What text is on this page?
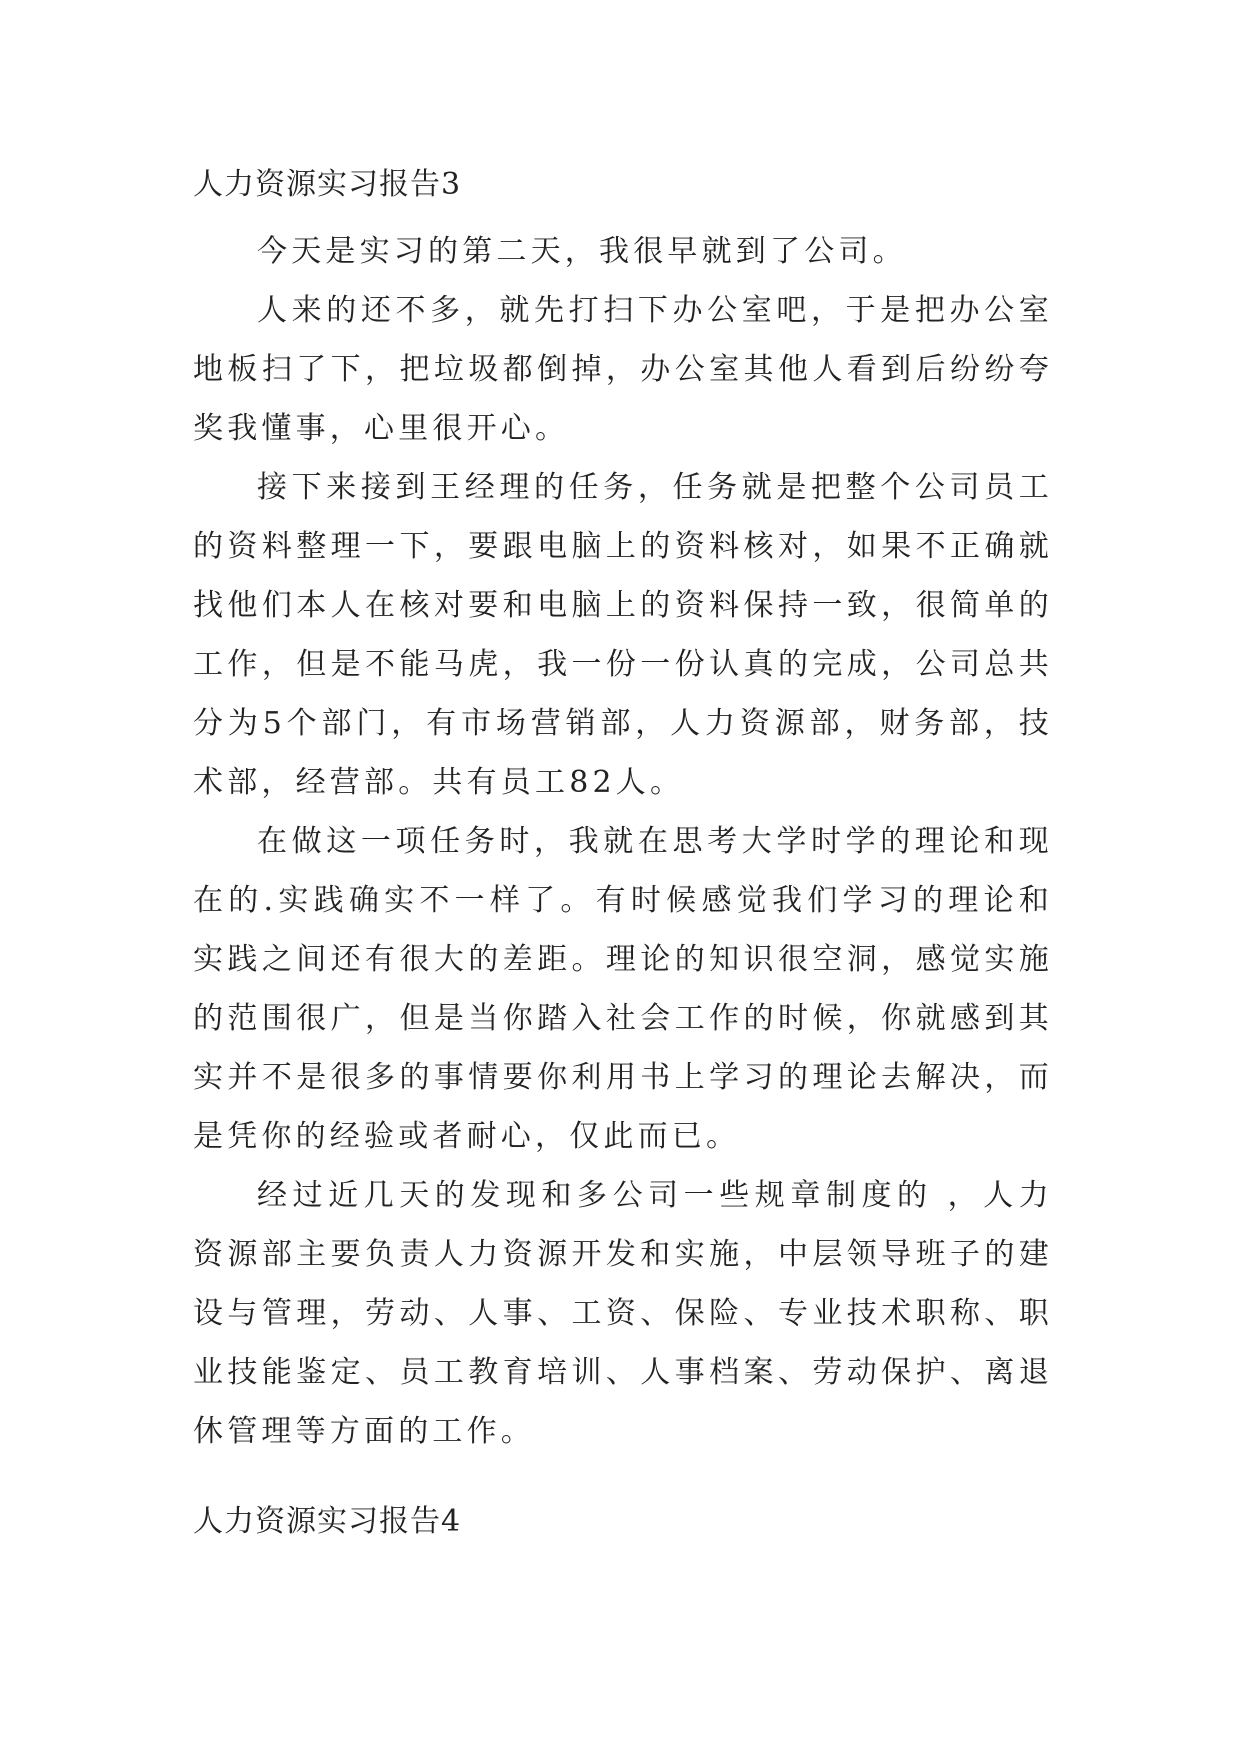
人力资源实习报告3

今天是实习的第二天，我很早就到了公司。

人来的还不多，就先打扫下办公室吧，于是把办公室地板扫了下，把垃圾都倒掉，办公室其他人看到后纷纷夸奖我懂事，心里很开心。

接下来接到王经理的任务，任务就是把整个公司员工的资料整理一下，要跟电脑上的资料核对，如果不正确就找他们本人在核对要和电脑上的资料保持一致，很简单的工作，但是不能马虎，我一份一份认真的完成，公司总共分为5个部门，有市场营销部，人力资源部，财务部，技术部，经营部。共有员工82人。

在做这一项任务时，我就在思考大学时学的理论和现在的.实践确实不一样了。有时候感觉我们学习的理论和实践之间还有很大的差距。理论的知识很空洞，感觉实施的范围很广，但是当你踏入社会工作的时候，你就感到其实并不是很多的事情要你利用书上学习的理论去解决，而是凭你的经验或者耐心，仅此而已。

经过近几天的发现和多公司一些规章制度的 ，人力资源部主要负责人力资源开发和实施，中层领导班子的建设与管理，劳动、人事、工资、保险、专业技术职称、职业技能鉴定、员工教育培训、人事档案、劳动保护、离退休管理等方面的工作。

人力资源实习报告4
